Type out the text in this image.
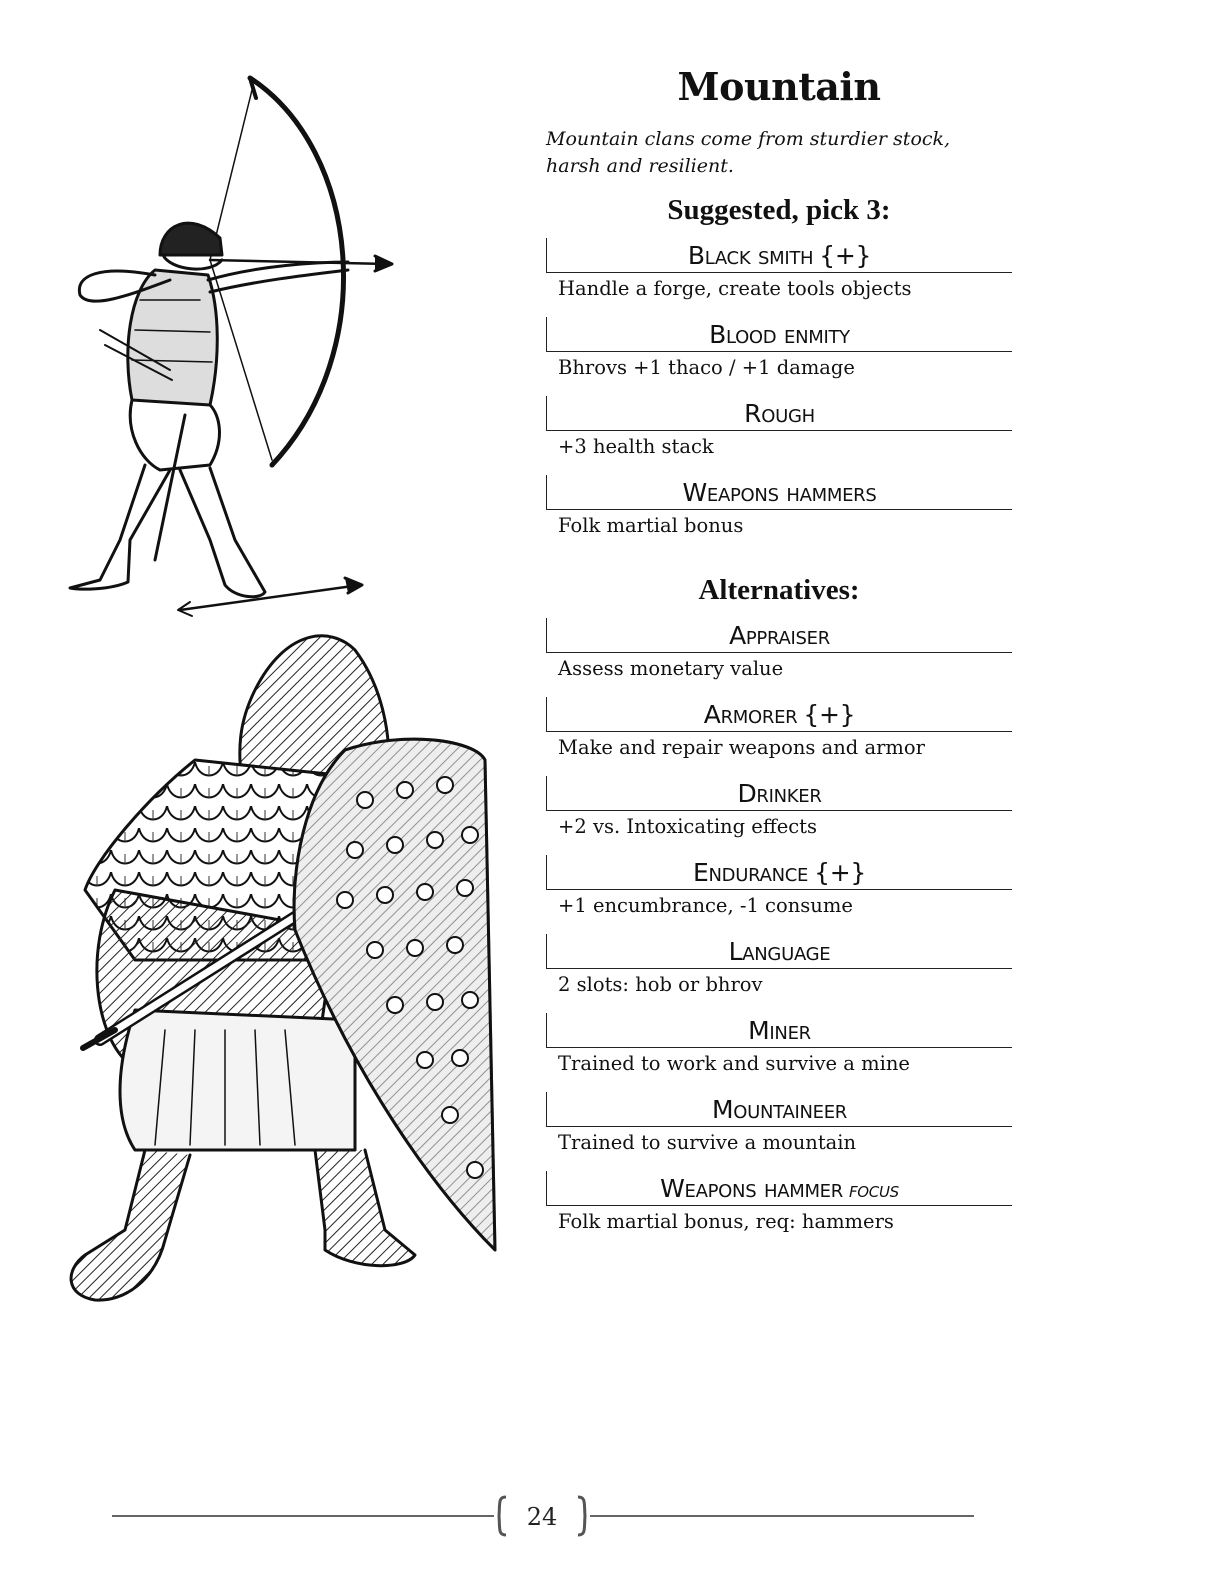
Mountain

Mountain clans come from sturdier stock, harsh and resilient.

Suggested, pick 3:
Black smith {+}
Handle a forge, create tools objects
Blood enmity
Bhrovs +1 thaco / +1 damage
Rough
+3 health stack
Weapons hammers
Folk martial bonus
Alternatives:
Appraiser
Assess monetary value
Armorer {+}
Make and repair weapons and armor
Drinker
+2 vs. Intoxicating effects
Endurance {+}
+1 encumbrance, -1 consume
Language
2 slots: hob or bhrov
Miner
Trained to work and survive a mine
Mountaineer
Trained to survive a mountain
Weapons hammer focus
Folk martial bonus, req: hammers
24
